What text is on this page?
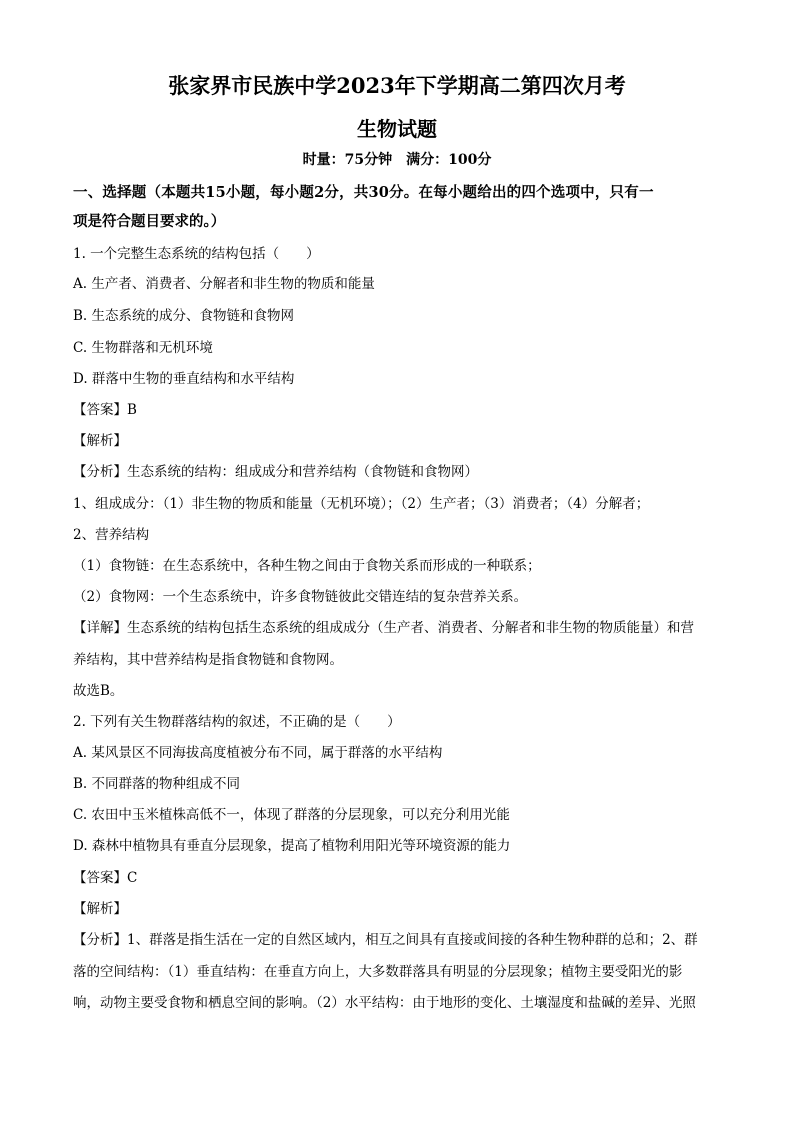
张家界市民族中学2023年下学期高二第四次月考
生物试题
时量：75分钟　满分：100分
一、选择题（本题共15小题，每小题2分，共30分。在每小题给出的四个选项中，只有一
项是符合题目要求的。）
1. 一个完整生态系统的结构包括（　　）
A. 生产者、消费者、分解者和非生物的物质和能量
B. 生态系统的成分、食物链和食物网
C. 生物群落和无机环境
D. 群落中生物的垂直结构和水平结构
【答案】B
【解析】
【分析】生态系统的结构：组成成分和营养结构（食物链和食物网）
1、组成成分：（1）非生物的物质和能量（无机环境）；（2）生产者；（3）消费者；（4）分解者；
2、营养结构
（1）食物链：在生态系统中，各种生物之间由于食物关系而形成的一种联系；
（2）食物网：一个生态系统中，许多食物链彼此交错连结的复杂营养关系。
【详解】生态系统的结构包括生态系统的组成成分（生产者、消费者、分解者和非生物的物质能量）和营
养结构，其中营养结构是指食物链和食物网。
故选B。
2. 下列有关生物群落结构的叙述，不正确的是（　　）
A. 某风景区不同海拔高度植被分布不同，属于群落的水平结构
B. 不同群落的物种组成不同
C. 农田中玉米植株高低不一，体现了群落的分层现象，可以充分利用光能
D. 森林中植物具有垂直分层现象，提高了植物利用阳光等环境资源的能力
【答案】C
【解析】
【分析】1、群落是指生活在一定的自然区域内，相互之间具有直接或间接的各种生物种群的总和；2、群
落的空间结构：（1）垂直结构：在垂直方向上，大多数群落具有明显的分层现象；植物主要受阳光的影
响，动物主要受食物和栖息空间的影响。（2）水平结构：由于地形的变化、土壤湿度和盐碱的差异、光照
